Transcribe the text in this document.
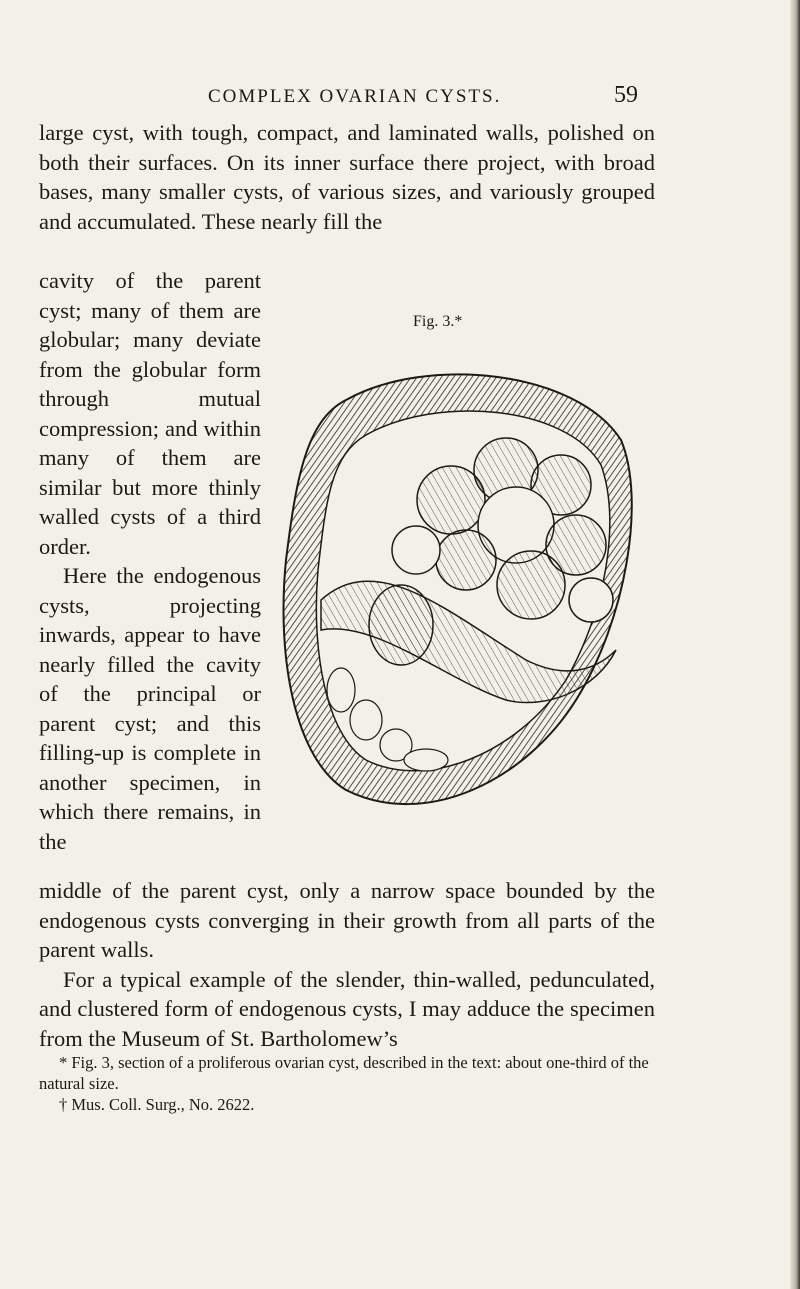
COMPLEX OVARIAN CYSTS.	59

large cyst, with tough, compact, and laminated walls, polished on both their surfaces. On its inner surface there project, with broad bases, many smaller cysts, of various sizes, and variously grouped and accumulated. These nearly fill the

cavity of the parent cyst; many of them are globular; many deviate from the globular form through mutual compression; and within many of them are similar but more thinly walled cysts of a third order.

Here the endogenous cysts, projecting inwards, appear to have nearly filled the cavity of the principal or parent cyst; and this filling-up is complete in another specimen, in which there remains, in the

Fig. 3.*

middle of the parent cyst, only a narrow space bounded by the endogenous cysts converging in their growth from all parts of the parent walls.

For a typical example of the slender, thin-walled, pedunculated, and clustered form of endogenous cysts, I may adduce the specimen from the Museum of St. Bartholomew’s

* Fig. 3, section of a proliferous ovarian cyst, described in the text: about one-third of the natural size.

† Mus. Coll. Surg., No. 2622.
